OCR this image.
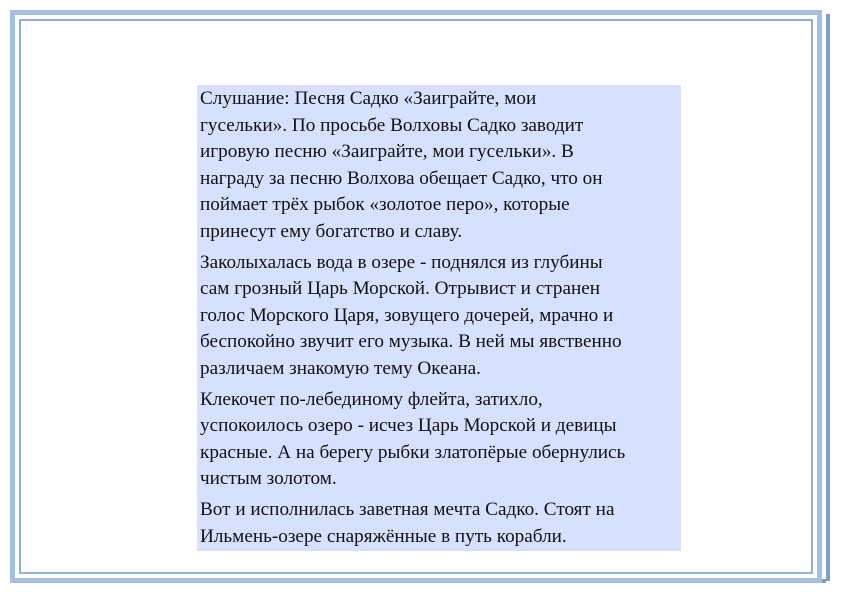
Слушание: Песня Садко «Заиграйте, мои
гусельки». По просьбе Волховы Садко заводит
игровую песню «Заиграйте, мои гусельки». В
награду за песню Волхова обещает Садко, что он
поймает трёх рыбок «золотое перо», которые
принесут ему богатство и славу.

Заколыхалась вода в озере - поднялся из глубины
сам грозный Царь Морской. Отрывист и странен
голос Морского Царя, зовущего дочерей, мрачно и
беспокойно звучит его музыка. В ней мы явственно
различаем знакомую тему Океана.

Клекочет по-лебединому флейта, затихло,
успокоилось озеро - исчез Царь Морской и девицы
красные. А на берегу рыбки златопёрые обернулись
чистым золотом.

Вот и исполнилась заветная мечта Садко. Стоят на
Ильмень-озере снаряжённые в путь корабли.
